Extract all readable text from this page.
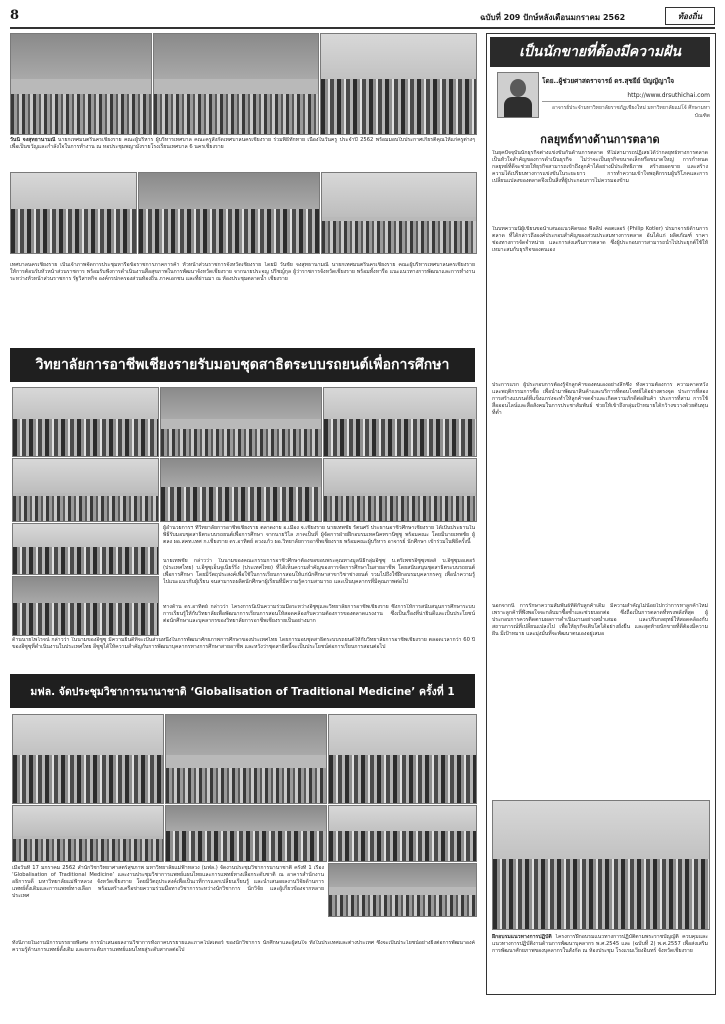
8	ฉบับที่ 209 ปักษ์หลังเดือนมกราคม 2562	ท้องถิ่น
วันนี้ จงสุทธานามณี นายกเทศมนตรีนครเชียงราย คณะผู้บริหาร ผู้บริหารเทศบาล คณะครูสังกัดเทศบาลนครเชียงราย ร่วมพิธีทักทาย เนื่องในวันครู ประจำปี 2562 พร้อมมอบใบประกาศเกียรติคุณให้แก่ครูต่างๆ เพื่อเป็นขวัญและกำลังใจในการทำงาน ณ หอประชุมพญามังรายโรงเรียนเทศบาล 6 นครเชียงราย
เทศบาลนครเชียงราย เป็นเจ้าภาพจัดการประชุมหารือข้อราชการภาคการค้า หัวหน้าส่วนราชการจังหวัดเชียงราย โดยมี วันชัย จงสุทธานามณี นายกเทศมนตรีนครเชียงราย คณะผู้บริหารเทศบาลนครเชียงราย ให้การต้อนรับหัวหน้าส่วนราชการ พร้อมรับฟังการดำเนินงานสื่อสุขภาพในการพัฒนาจังหวัดเชียงราย จากนายประจญ ปริชญ์กุล ผู้ว่าราชการจังหวัดเชียงราย พร้อมทั้งหารือ แนะแนวทางการพัฒนาและการทำงาน ระหว่างหัวหน้าส่วนราชการ รัฐวิสาหกิจ องค์กรปกครองส่วนท้องถิ่น ภาคเอกชน และที่ผ่านมา ณ ห้องประชุมตลาดน้ำ เชียงราย
วิทยาลัยการอาชีพเชียงรายรับมอบชุดสาธิตระบบรถยนต์เพื่อการศึกษา
ผู้อำนวยการฯ ที่วิทยาลัยการอาชีพเชียงราย ตลาดงาย อ.เมือง จ.เชียงราย นายเทพชัย รัตนศรี ประธานอาชีวศึกษาเชียงราย ได้เป็นประธานในพิธีรับมอบชุดสาธิตระบบรถยนต์เพื่อการศึกษา จากนายวิไล ภาคเป็นที่ ผู้จัดการฝ่ายฝึกอบรมเทคนิคทรานิซูซู พร้อมคณะ โดยมีนายเทพชัย ผู้ตลง ผอ.สคท.เทศ ก.เชียงราย ดร.อาทิตย์ ดวงแก้ว ผอ.วิทยาลัยการอาชีพเชียงราย พร้อมคณะผู้บริหาร อาจารย์ นักศึกษา เข้าร่วมในพิธีครั้งนี้
นายเทพชัย กล่าวว่า ในนามของคณะกรรมการอาชีวศึกษาต้องขอขอบพระคุณทางมูลนิธิกลุ่มอีซูซุ บ.ตรีเพชรอีซูซุเซลส์ บ.อีซูซุมอเตอร์ (ประเทศไทย) บ.อีซูซุเอ็นจูเนียร์ริ่ง (ประเทศไทย) ที่ได้เห็นความสำคัญของการจัดการศึกษาในสายอาชีพ โดยสนับสนุนชุดสาธิตระบบรถยนต์เพื่อการศึกษา โดยมีวัตถุประสงค์เพื่อใช้ในการเรียนการสอนให้แก่นักศึกษาสาขาวิชาช่างยนต์ รวมไปถึงใช้ฝึกอบรมบุคลากรครู เพื่อนำความรู้ไปแนะแนวกับผู้เรียน จนสามารถผลิตนักศึกษาผู้เรียนที่มีความรู้ความสามารถ และเป็นบุคลากรที่มีคุณภาพต่อไป
ทางด้าน ดร.อาทิตย์ กล่าวว่า โครงการนี้เป็นความร่วมมือระหว่างอีซูซุและวิทยาลัยการอาชีพเชียงราย ซึ่งการให้การสนับสนุนการศึกษาระบบการเรียนรู้ให้กับวิทยาลัยเพื่อพัฒนาการเรียนการสอนให้สอดคล้องกับความต้องการของตลาดแรงงาน ซึ่งเป็นเรื่องที่น่ายินดีและเป็นประโยชน์ต่อนักศึกษาและบุคลากรของวิทยาลัยการอาชีพเชียงรายเป็นอย่างมาก
ด้านนายไพโรจน์ กล่าวว่า ในนามของอีซูซุ มีความยินดีที่จะเป็นส่วนหนึ่งในการพัฒนาศักยภาพการศึกษาของประเทศไทย โดยการมอบชุดสาธิตระบบรถยนต์ให้กับวิทยาลัยการอาชีพเชียงราย ตลอดเวลากว่า 60 ปี ของอีซูซุที่ดำเนินงานในประเทศไทย อีซูซุได้ให้ความสำคัญกับการพัฒนาบุคลากรทางการศึกษาสายอาชีพ และหวังว่าชุดสาธิตนี้จะเป็นประโยชน์ต่อการเรียนการสอนต่อไป
มฟล. จัดประชุมวิชาการนานาชาติ ‘Globalisation of Traditional Medicine’ ครั้งที่ 1
เมื่อวันที่ 17 มกราคม 2562 สำนักวิชาวิทยาศาสตร์สุขภาพ มหาวิทยาลัยแม่ฟ้าหลวง (มฟล.) จัดงานประชุมวิชาการนานาชาติ ครั้งที่ 1 เรื่อง ‘Globalisation of Traditional Medicine’ และงานประชุมวิชาการแพทย์แผนไทยและการแพทย์ทางเลือกระดับชาติ ณ อาคารสำนักงานอธิการบดี มหาวิทยาลัยแม่ฟ้าหลวง จังหวัดเชียงราย โดยมีวัตถุประสงค์เพื่อเป็นเวทีการแลกเปลี่ยนเรียนรู้ และนำเสนอผลงานวิจัยด้านการแพทย์ดั้งเดิมและการแพทย์ทางเลือก พร้อมสร้างเครือข่ายความร่วมมือทางวิชาการระหว่างนักวิชาการ นักวิจัย และผู้เกี่ยวข้องจากหลายประเทศ
ทั้งนี้ภายในงานมีการบรรยายพิเศษ การนำเสนอผลงานวิชาการทั้งภาคบรรยายและภาคโปสเตอร์ ของนักวิชาการ นักศึกษาและผู้สนใจ ทั้งในประเทศและต่างประเทศ ซึ่งจะเป็นประโยชน์อย่างยิ่งต่อการพัฒนาองค์ความรู้ด้านการแพทย์ดั้งเดิม และยกระดับการแพทย์แผนไทยสู่ระดับสากลต่อไป
เป็นนักขายที่ต้องมีความฝัน
โดย..ผู้ช่วยศาสตราจารย์ ดร.สุชยีย์ บัญญัญาใจ
http://www.drsuthichai.com
อาจารย์ประจำมหาวิทยาลัยราชภัฏเชียงใหม่ มหาวิทยาลัยแม่โจ้ ศึกษามหาบัณฑิต
กลยุทธ์ทางด้านการตลาด
ในยุคปัจจุบันนักธุรกิจต่างแข่งขันกันด้านการตลาด ที่ไม่สามารถปฏิเสธได้ว่ากลยุทธ์ทางการตลาดเป็นหัวใจสำคัญของการดำเนินธุรกิจ ไม่ว่าจะเป็นธุรกิจขนาดเล็กหรือขนาดใหญ่ การกำหนดกลยุทธ์ที่ดีจะช่วยให้ธุรกิจสามารถเข้าถึงลูกค้าได้อย่างมีประสิทธิภาพ สร้างยอดขาย และสร้างความได้เปรียบทางการแข่งขันในระยะยาว การทำความเข้าใจพฤติกรรมผู้บริโภคและการเปลี่ยนแปลงของตลาดจึงเป็นสิ่งที่ผู้ประกอบการไม่ควรมองข้าม
ในบทความนี้ผู้เขียนขอนำเสนอแนวคิดของ ฟิลลิป คอตเลอร์ (Philip Kotler) ปรมาจารย์ด้านการตลาด ที่ได้กล่าวถึงองค์ประกอบสำคัญของส่วนประสมทางการตลาด อันได้แก่ ผลิตภัณฑ์ ราคา ช่องทางการจัดจำหน่าย และการส่งเสริมการตลาด ซึ่งผู้ประกอบการสามารถนำไปประยุกต์ใช้ให้เหมาะสมกับธุรกิจของตนเอง
ประการแรก ผู้ประกอบการต้องรู้จักลูกค้าของตนเองอย่างลึกซึ้ง ทั้งความต้องการ ความคาดหวัง และพฤติกรรมการซื้อ เพื่อนำมาพัฒนาสินค้าและบริการที่ตอบโจทย์ได้อย่างตรงจุด ประการที่สอง การสร้างแบรนด์ที่แข็งแกร่งจะทำให้ลูกค้าจดจำและเกิดความภักดีต่อสินค้า ประการที่สาม การใช้สื่อออนไลน์และสื่อสังคมในการประชาสัมพันธ์ ช่วยให้เข้าถึงกลุ่มเป้าหมายได้กว้างขวางด้วยต้นทุนที่ต่ำ
นอกจากนี้ การรักษาความสัมพันธ์ที่ดีกับลูกค้าเดิม มีความสำคัญไม่น้อยไปกว่าการหาลูกค้าใหม่ เพราะลูกค้าที่พึงพอใจจะกลับมาซื้อซ้ำและช่วยบอกต่อ ซึ่งถือเป็นการตลาดที่ทรงพลังที่สุด ผู้ประกอบการควรติดตามผลการดำเนินงานอย่างสม่ำเสมอ และปรับกลยุทธ์ให้สอดคล้องกับสถานการณ์ที่เปลี่ยนแปลงไป เพื่อให้ธุรกิจเติบโตได้อย่างยั่งยืน และสุดท้ายนักขายที่ดีต้องมีความฝัน มีเป้าหมาย และมุ่งมั่นที่จะพัฒนาตนเองอยู่เสมอ
ฝึกอบรมแนวทางการปฏิบัติ โครงการฝึกอบรมแนวทางการปฏิบัติตามพระราชบัญญัติ ควบคุมและแนวทางการปฏิบัติงานด้านการพัฒนาบุคลากร พ.ศ.2545 และ (ฉบับที่ 2) พ.ศ.2557 เพื่อส่งเสริมการพัฒนาศักยภาพของบุคลากรในสังกัด ณ ห้องประชุม โรงแรมเวียงอินทร์ จังหวัดเชียงราย
